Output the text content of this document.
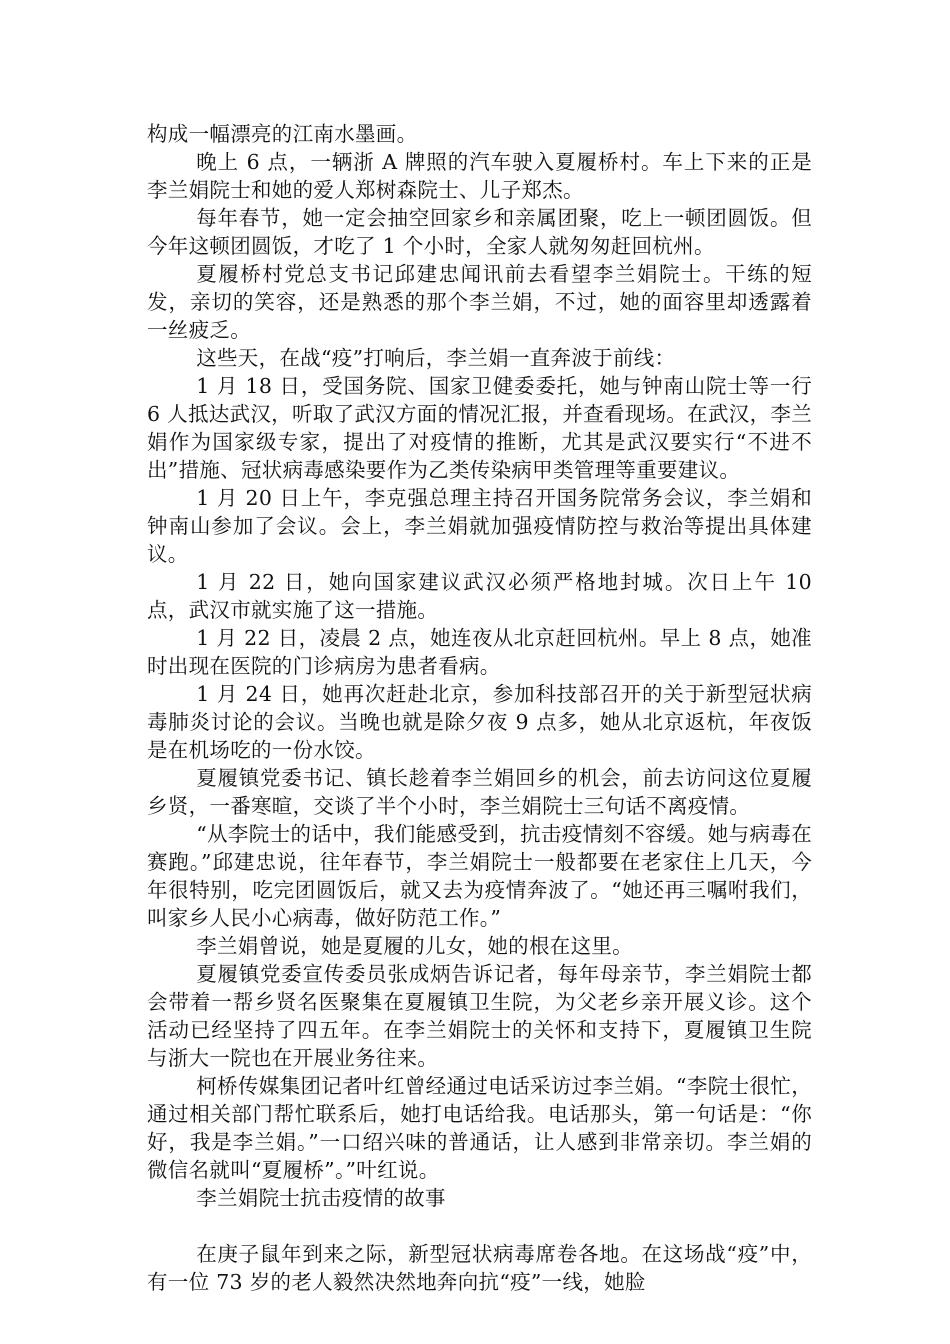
构成一幅漂亮的江南水墨画。

晚上 6 点，一辆浙 A 牌照的汽车驶入夏履桥村。车上下来的正是李兰娟院士和她的爱人郑树森院士、儿子郑杰。

每年春节，她一定会抽空回家乡和亲属团聚，吃上一顿团圆饭。但今年这顿团圆饭，才吃了 1 个小时，全家人就匆匆赶回杭州。

夏履桥村党总支书记邱建忠闻讯前去看望李兰娟院士。干练的短发，亲切的笑容，还是熟悉的那个李兰娟，不过，她的面容里却透露着一丝疲乏。

这些天，在战“疫”打响后，李兰娟一直奔波于前线：

1 月 18 日，受国务院、国家卫健委委托，她与钟南山院士等一行 6 人抵达武汉，听取了武汉方面的情况汇报，并查看现场。在武汉，李兰娟作为国家级专家，提出了对疫情的推断，尤其是武汉要实行“不进不出”措施、冠状病毒感染要作为乙类传染病甲类管理等重要建议。

1 月 20 日上午，李克强总理主持召开国务院常务会议，李兰娟和钟南山参加了会议。会上，李兰娟就加强疫情防控与救治等提出具体建议。

1 月 22 日，她向国家建议武汉必须严格地封城。次日上午 10 点，武汉市就实施了这一措施。

1 月 22 日，凌晨 2 点，她连夜从北京赶回杭州。早上 8 点，她准时出现在医院的门诊病房为患者看病。

1 月 24 日，她再次赶赴北京，参加科技部召开的关于新型冠状病毒肺炎讨论的会议。当晚也就是除夕夜 9 点多，她从北京返杭，年夜饭是在机场吃的一份水饺。

夏履镇党委书记、镇长趁着李兰娟回乡的机会，前去访问这位夏履乡贤，一番寒暄，交谈了半个小时，李兰娟院士三句话不离疫情。

“从李院士的话中，我们能感受到，抗击疫情刻不容缓。她与病毒在赛跑。”邱建忠说，往年春节，李兰娟院士一般都要在老家住上几天，今年很特别，吃完团圆饭后，就又去为疫情奔波了。“她还再三嘱咐我们，叫家乡人民小心病毒，做好防范工作。”

李兰娟曾说，她是夏履的儿女，她的根在这里。

夏履镇党委宣传委员张成炳告诉记者，每年母亲节，李兰娟院士都会带着一帮乡贤名医聚集在夏履镇卫生院，为父老乡亲开展义诊。这个活动已经坚持了四五年。在李兰娟院士的关怀和支持下，夏履镇卫生院与浙大一院也在开展业务往来。

柯桥传媒集团记者叶红曾经通过电话采访过李兰娟。“李院士很忙，通过相关部门帮忙联系后，她打电话给我。电话那头，第一句话是：“你好，我是李兰娟。”一口绍兴味的普通话，让人感到非常亲切。李兰娟的微信名就叫“夏履桥”。”叶红说。

李兰娟院士抗击疫情的故事

在庚子鼠年到来之际，新型冠状病毒席卷各地。在这场战“疫”中，有一位 73 岁的老人毅然决然地奔向抗“疫”一线，她脸
